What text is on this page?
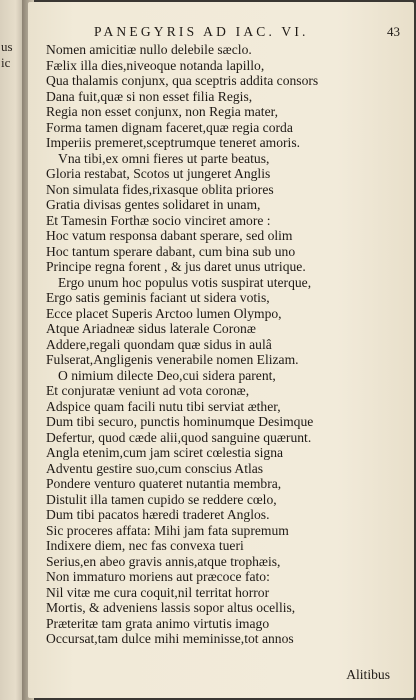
us
ic
PANEGYRIS AD IAC. VI.	43
Nomen amicitiæ nullo delebile sæclo.
Fælix illa dies,niveoque notanda lapillo,
Qua thalamis conjunx, qua sceptris addita consors
Dana fuit,quæ si non esset filia Regis,
Regia non esset conjunx, non Regia mater,
Forma tamen dignam faceret,quæ regia corda
Imperiis premeret,sceptrumque teneret amoris.
Vna tibi,ex omni fieres ut parte beatus,
Gloria restabat, Scotos ut jungeret Anglis
Non simulata fides,rixasque oblita priores
Gratia divisas gentes solidaret in unam,
Et Tamesin Forthæ socio vinciret amore :
Hoc vatum responsa dabant sperare, sed olim
Hoc tantum sperare dabant, cum bina sub uno
Principe regna forent , & jus daret unus utrique.
Ergo unum hoc populus votis suspirat uterque,
Ergo satis geminis faciant ut sidera votis,
Ecce placet Superis Arctoo lumen Olympo,
Atque Ariadneæ sidus laterale Coronæ
Addere,regali quondam quæ sidus in aulâ
Fulserat,Angligenis venerabile nomen Elizam.
O nimium dilecte Deo,cui sidera parent,
Et conjuratæ veniunt ad vota coronæ,
Adspice quam facili nutu tibi serviat æther,
Dum tibi securo, punctis hominumque Desimque
Defertur, quod cæde alii,quod sanguine quærunt.
Angla etenim,cum jam sciret cœlestia signa
Adventu gestire suo,cum conscius Atlas
Pondere venturo quateret nutantia membra,
Distulit illa tamen cupido se reddere cœlo,
Dum tibi pacatos hæredi traderet Anglos.
Sic proceres affata: Mihi jam fata supremum
Indixere diem, nec fas convexa tueri
Serius,en abeo gravis annis,atque trophæis,
Non immaturo moriens aut præcoce fato:
Nil vitæ me cura coquit,nil territat horror
Mortis, & adveniens lassis sopor altus ocellis,
Præteritæ tam grata animo virtutis imago
Occursat,tam dulce mihi meminisse,tot annos
Alitibus
